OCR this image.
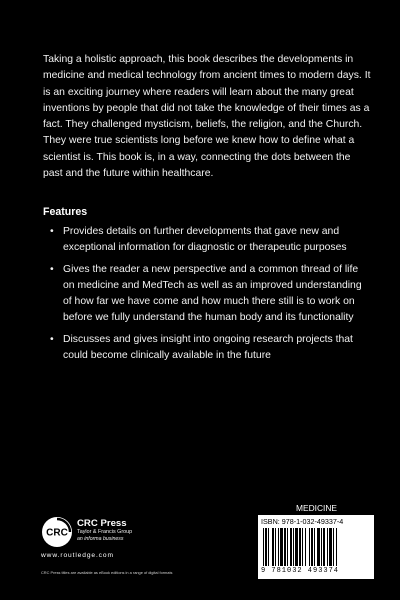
Taking a holistic approach, this book describes the developments in medicine and medical technology from ancient times to modern days. It is an exciting journey where readers will learn about the many great inventions by people that did not take the knowledge of their times as a fact. They challenged mysticism, beliefs, the religion, and the Church. They were true scientists long before we knew how to define what a scientist is. This book is, in a way, connecting the dots between the past and the future within healthcare.

Features
• Provides details on further developments that gave new and exceptional information for diagnostic or therapeutic purposes
• Gives the reader a new perspective and a common thread of life on medicine and MedTech as well as an improved understanding of how far we have come and how much there still is to work on before we fully understand the human body and its functionality
• Discusses and gives insight into ongoing research projects that could become clinically available in the future
CRC
CRC Press
Taylor & Francis Group
an informa business
www.routledge.com
CRC Press titles are available as eBook editions in a range of digital formats
MEDICINE
ISBN: 978-1-032-49337-4
9 781032 493374
